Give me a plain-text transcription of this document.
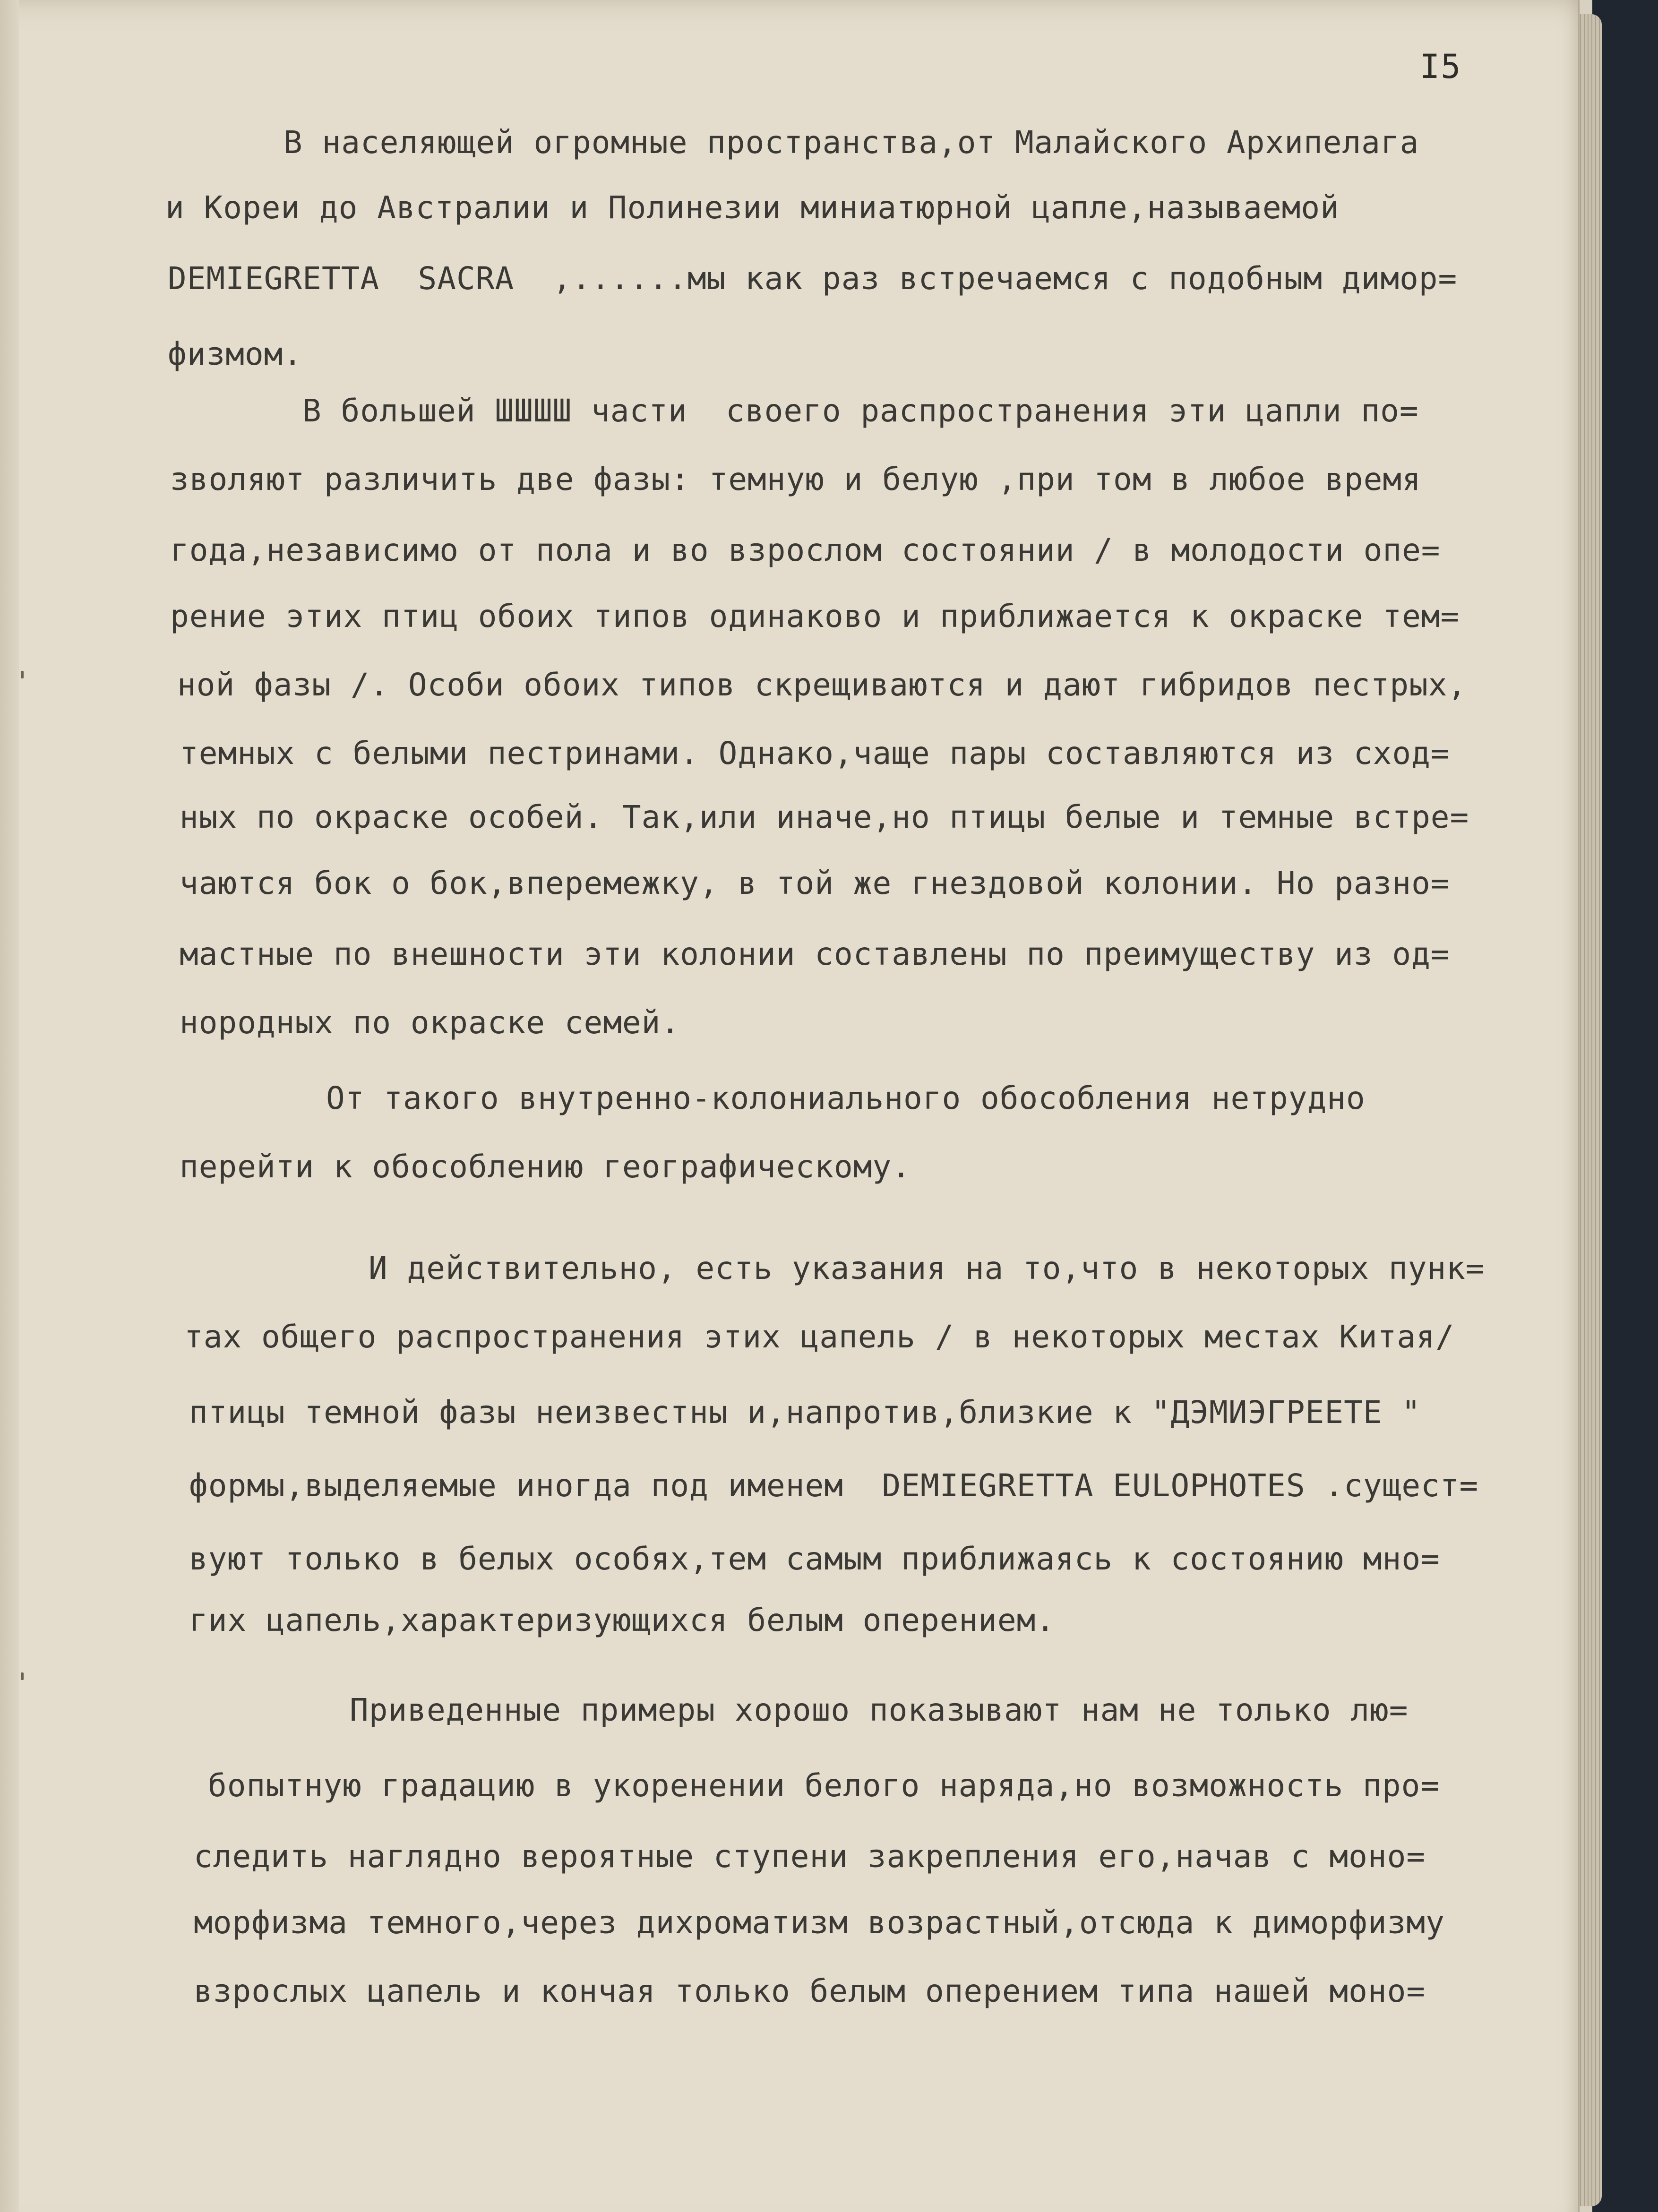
I5
В населяющей огромные пространства,от Малайского Архипелага
и Кореи до Австралии и Полинезии миниатюрной цапле,называемой
DEMIEGRETTA  SACRA  ,......мы как раз встречаемся с подобным димор=
физмом.
В большей ШШШШ части  своего распространения эти цапли по=
зволяют различить две фазы: темную и белую ,при том в любое время
года,независимо от пола и во взрослом состоянии / в молодости опе=
рение этих птиц обоих типов одинаково и приближается к окраске тем=
ной фазы /. Особи обоих типов скрещиваются и дают гибридов пестрых,
темных с белыми пестринами. Однако,чаще пары составляются из сход=
ных по окраске особей. Так,или иначе,но птицы белые и темные встре=
чаются бок о бок,вперемежку, в той же гнездовой колонии. Но разно=
мастные по внешности эти колонии составлены по преимуществу из од=
нородных по окраске семей.
От такого внутренно-колониального обособления нетрудно
перейти к обособлению географическому.
И действительно, есть указания на то,что в некоторых пунк=
тах общего распространения этих цапель / в некоторых местах Китая/
птицы темной фазы неизвестны и,напротив,близкие к "ДЭМИЭГРЕЕТЕ "
формы,выделяемые иногда под именем  DEMIEGRETTA EULOPHOTES .сущест=
вуют только в белых особях,тем самым приближаясь к состоянию мно=
гих цапель,характеризующихся белым оперением.
Приведенные примеры хорошо показывают нам не только лю=
бопытную градацию в укоренении белого наряда,но возможность про=
следить наглядно вероятные ступени закрепления его,начав с моно=
морфизма темного,через дихроматизм возрастный,отсюда к диморфизму
взрослых цапель и кончая только белым оперением типа нашей моно=
